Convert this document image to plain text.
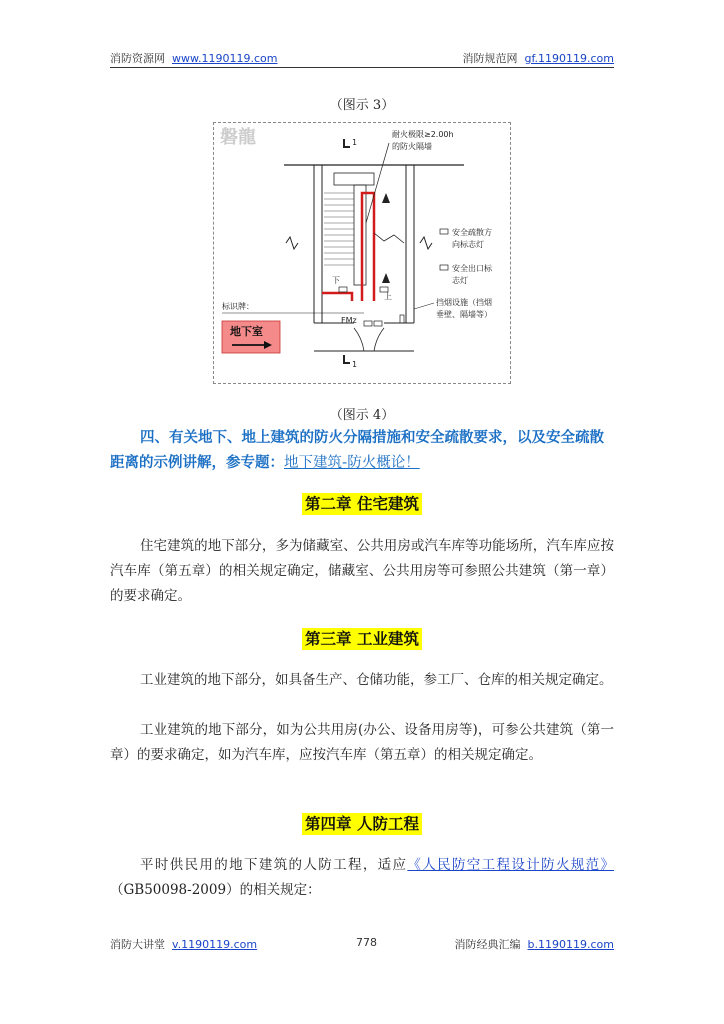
消防资源网 www.1190119.com	消防规范网 gf.1190119.com
（图示 3）
磐龍	耐火极限≥2.00h
的防火隔墙
1
1
下
上
FMz
安全疏散方
向标志灯
安全出口标
志灯
挡烟设施（挡烟
垂壁、隔墙等）
标识牌：
地下室
（图示 4）
四、有关地下、地上建筑的防火分隔措施和安全疏散要求，以及安全疏散距离的示例讲解，参专题：地下建筑-防火概论！
第二章 住宅建筑
住宅建筑的地下部分，多为储藏室、公共用房或汽车库等功能场所，汽车库应按汽车库（第五章）的相关规定确定，储藏室、公共用房等可参照公共建筑（第一章）的要求确定。
第三章 工业建筑
工业建筑的地下部分，如具备生产、仓储功能，参工厂、仓库的相关规定确定。
工业建筑的地下部分，如为公共用房(办公、设备用房等)，可参公共建筑（第一章）的要求确定，如为汽车库，应按汽车库（第五章）的相关规定确定。
第四章 人防工程
平时供民用的地下建筑的人防工程，适应《人民防空工程设计防火规范》（GB50098-2009）的相关规定：
消防大讲堂 v.1190119.com	778	消防经典汇编 b.1190119.com
